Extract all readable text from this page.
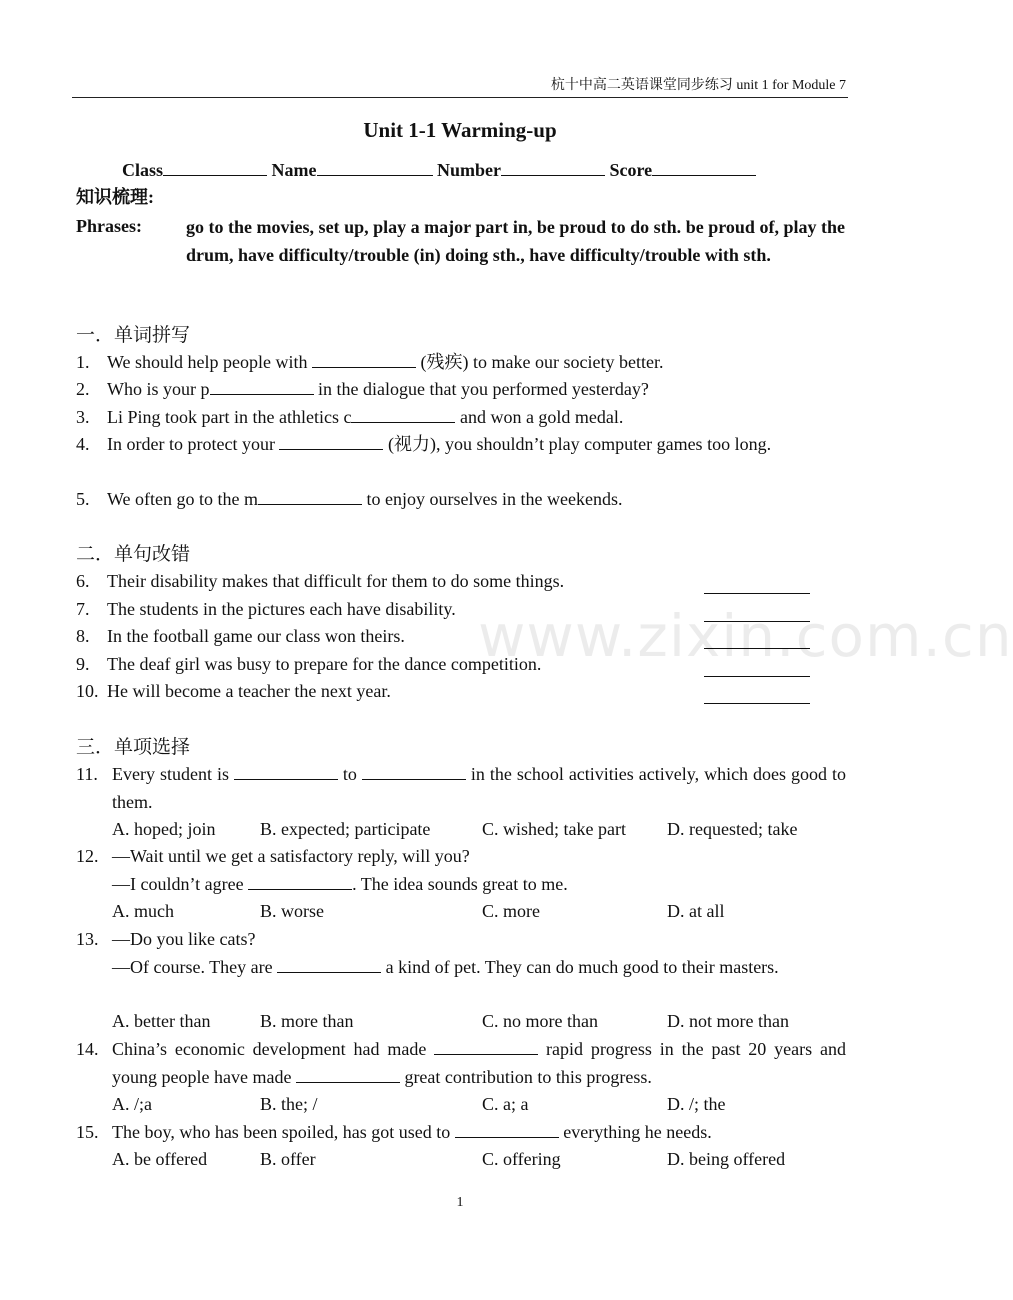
杭十中高二英语课堂同步练习 unit 1 for Module 7
Unit 1-1 Warming-up
Class	Name	Number	Score
知识梳理:
Phrases: go to the movies, set up, play a major part in, be proud to do sth. be proud of, play the drum, have difficulty/trouble (in) doing sth., have difficulty/trouble with sth.
一．单词拼写
1. We should help people with	(残疾) to make our society better.
2. Who is your p	in the dialogue that you performed yesterday?
3. Li Ping took part in the athletics c	and won a gold medal.
4. In order to protect your	(视力), you shouldn’t play computer games too long.
5. We often go to the m	to enjoy ourselves in the weekends.
二．单句改错
6. Their disability makes that difficult for them to do some things.
7. The students in the pictures each have disability.
8. In the football game our class won theirs.
9. The deaf girl was busy to prepare for the dance competition.
10. He will become a teacher the next year.
www.zixin.com.cn
三．单项选择
11. Every student is	to	in the school activities actively, which does good to them.
A. hoped; join B. expected; participate	C. wished; take part D. requested; take
12. —Wait until we get a satisfactory reply, will you?
—I couldn’t agree	. The idea sounds great to me.
A. much	B. worse	C. more	D. at all
13. —Do you like cats?
—Of course. They are	a kind of pet. They can do much good to their masters.
A. better than	B. more than	C. no more than	D. not more than
14. China’s economic development had made	rapid progress in the past 20 years and young people have made	great contribution to this progress.
A. /;a	B. the; /	C. a; a	D. /; the
15. The boy, who has been spoiled, has got used to	everything he needs.
A. be offered	B. offer	C. offering	D. being offered
1
